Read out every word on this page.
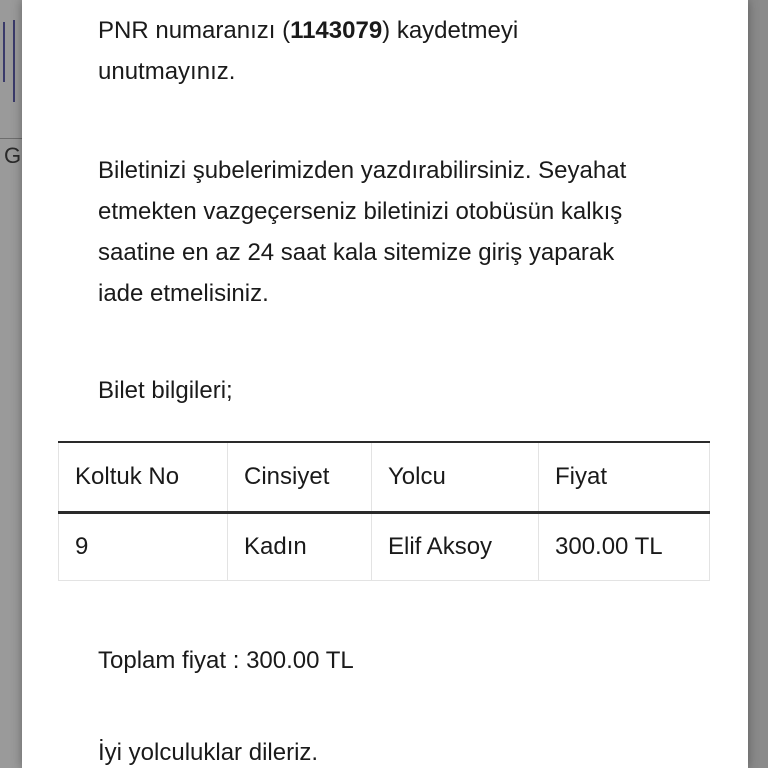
G

PNR numaranızı (1143079) kaydetmeyi unutmayınız.

Biletinizi şubelerimizden yazdırabilirsiniz. Seyahat etmekten vazgeçerseniz biletinizi otobüsün kalkış saatine en az 24 saat kala sitemize giriş yaparak iade etmelisiniz.

Bilet bilgileri;

Koltuk No	Cinsiyet	Yolcu	Fiyat
9	Kadın	Elif Aksoy	300.00 TL

Toplam fiyat : 300.00 TL

İyi yolculuklar dileriz.
